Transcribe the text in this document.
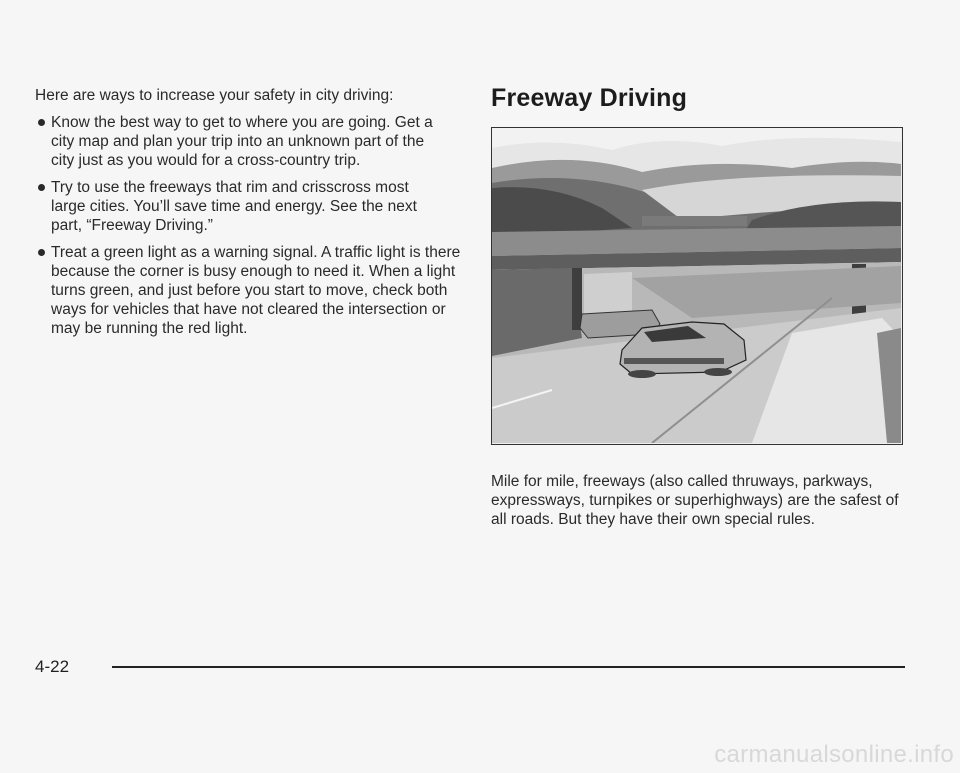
Here are ways to increase your safety in city driving:

Know the best way to get to where you are going. Get a city map and plan your trip into an unknown part of the city just as you would for a cross-country trip.
Try to use the freeways that rim and crisscross most large cities. You’ll save time and energy. See the next part, “Freeway Driving.”
Treat a green light as a warning signal. A traffic light is there because the corner is busy enough to need it. When a light turns green, and just before you start to move, check both ways for vehicles that have not cleared the intersection or may be running the red light.
Freeway Driving

Mile for mile, freeways (also called thruways, parkways, expressways, turnpikes or superhighways) are the safest of all roads. But they have their own special rules.

4-22
carmanualsonline.info
